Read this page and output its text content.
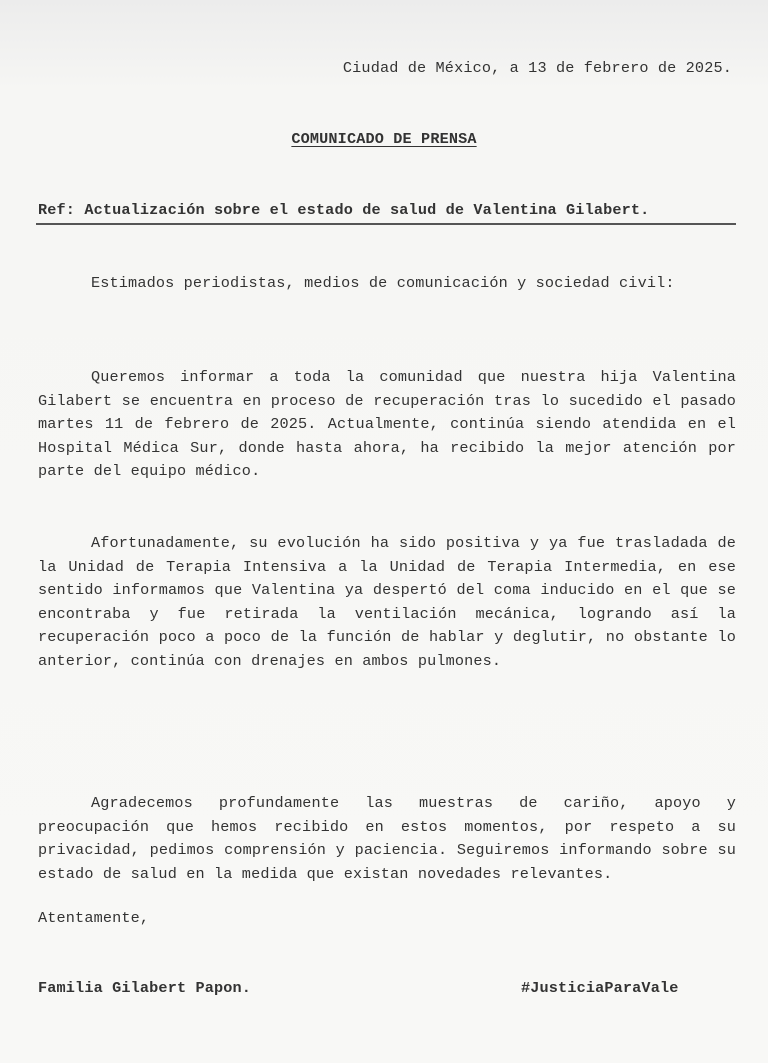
Ciudad de México, a 13 de febrero de 2025.
COMUNICADO DE PRENSA
Ref: Actualización sobre el estado de salud de Valentina Gilabert.

Estimados periodistas, medios de comunicación y sociedad civil:

Queremos informar a toda la comunidad que nuestra hija Valentina Gilabert se encuentra en proceso de recuperación tras lo sucedido el pasado martes 11 de febrero de 2025. Actualmente, continúa siendo atendida en el Hospital Médica Sur, donde hasta ahora, ha recibido la mejor atención por parte del equipo médico.

Afortunadamente, su evolución ha sido positiva y ya fue trasladada de la Unidad de Terapia Intensiva a la Unidad de Terapia Intermedia, en ese sentido informamos que Valentina ya despertó del coma inducido en el que se encontraba y fue retirada la ventilación mecánica, logrando así la recuperación poco a poco de la función de hablar y deglutir, no obstante lo anterior, continúa con drenajes en ambos pulmones.

Agradecemos profundamente las muestras de cariño, apoyo y preocupación que hemos recibido en estos momentos, por respeto a su privacidad, pedimos comprensión y paciencia. Seguiremos informando sobre su estado de salud en la medida que existan novedades relevantes.

Atentamente,
Familia Gilabert Papon.	#JusticiaParaVale
